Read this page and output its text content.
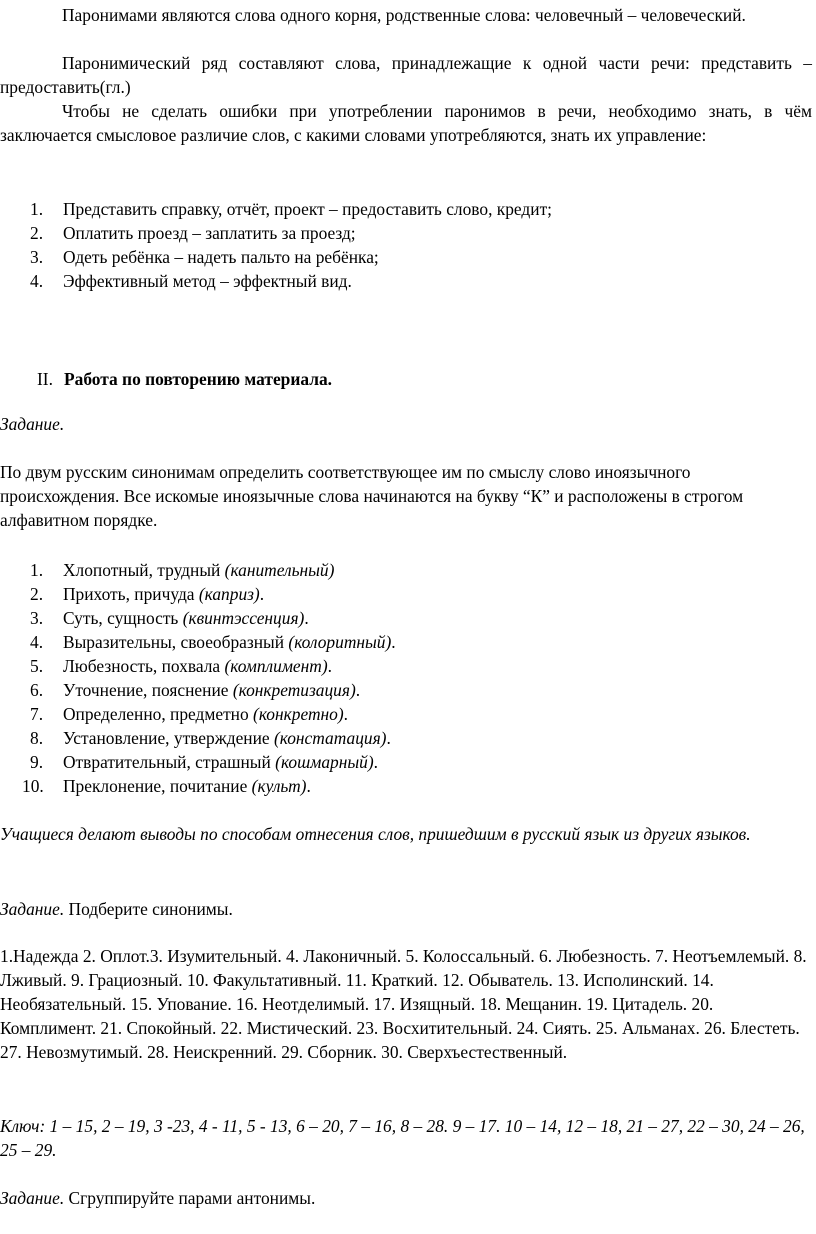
Паронимами являются слова одного корня, родственные слова: человечный – человеческий.

Паронимический ряд составляют слова, принадлежащие к одной части речи: представить – предоставить(гл.)

Чтобы не сделать ошибки при употреблении паронимов в речи, необходимо знать, в чём заключается смысловое различие слов, с какими словами употребляются, знать их управление:

1. Представить справку, отчёт, проект – предоставить слово, кредит;
2. Оплатить проезд – заплатить за проезд;
3. Одеть ребёнка – надеть пальто на ребёнка;
4. Эффективный метод – эффектный вид.
II. Работа по повторению материала.

Задание.

По двум русским синонимам определить соответствующее им по смыслу слово иноязычного происхождения. Все искомые иноязычные слова начинаются на букву “К” и расположены в строгом алфавитном порядке.

1. Хлопотный, трудный (канительный)
2. Прихоть, причуда (каприз).
3. Суть, сущность (квинтэссенция).
4. Выразительны, своеобразный (колоритный).
5. Любезность, похвала (комплимент).
6. Уточнение, пояснение (конкретизация).
7. Определенно, предметно (конкретно).
8. Установление, утверждение (констатация).
9. Отвратительный, страшный (кошмарный).
10. Преклонение, почитание (культ).

Учащиеся делают выводы по способам отнесения слов, пришедшим в русский язык из других языков.

Задание. Подберите синонимы.

1.Надежда 2. Оплот.3. Изумительный. 4. Лаконичный. 5. Колоссальный. 6. Любезность. 7. Неотъемлемый. 8. Лживый. 9. Грациозный. 10. Факультативный. 11. Краткий. 12. Обыватель. 13. Исполинский. 14. Необязательный. 15. Упование. 16. Неотделимый. 17. Изящный. 18. Мещанин. 19. Цитадель. 20. Комплимент. 21. Спокойный. 22. Мистический. 23. Восхитительный. 24. Сиять. 25. Альманах. 26. Блестеть. 27. Невозмутимый. 28. Неискренний. 29. Сборник. 30. Сверхъестественный.

Ключ: 1 – 15, 2 – 19, 3 -23, 4 - 11, 5 - 13, 6 – 20, 7 – 16, 8 – 28. 9 – 17. 10 – 14, 12 – 18, 21 – 27, 22 – 30, 24 – 26, 25 – 29.

Задание. Сгруппируйте парами антонимы.
